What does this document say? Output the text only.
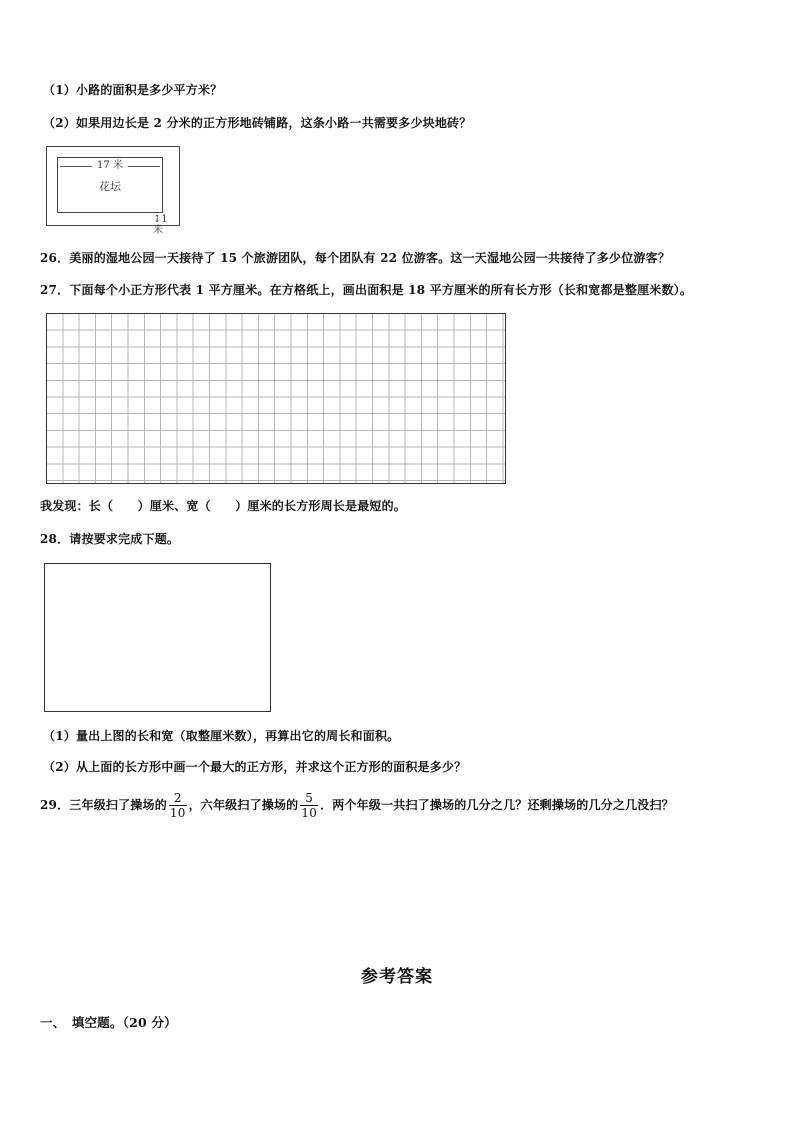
（1）小路的面积是多少平方米？
（2）如果用边长是 2 分米的正方形地砖铺路，这条小路一共需要多少块地砖？
17 米
花坛
↕1 米
26．美丽的湿地公园一天接待了 15 个旅游团队，每个团队有 22 位游客。这一天湿地公园一共接待了多少位游客？
27．下面每个小正方形代表 1 平方厘米。在方格纸上，画出面积是 18 平方厘米的所有长方形（长和宽都是整厘米数）。
我发现：长（　　）厘米、宽（　　）厘米的长方形周长是最短的。
28．请按要求完成下题。
（1）量出上图的长和宽（取整厘米数），再算出它的周长和面积。
（2）从上面的长方形中画一个最大的正方形，并求这个正方形的面积是多少？
29．三年级扫了操场的 $\frac{2}{10}$ ，六年级扫了操场的 $\frac{5}{10}$ ．两个年级一共扫了操场的几分之几？还剩操场的几分之几没扫？
参考答案
一、　填空题。（20 分）
